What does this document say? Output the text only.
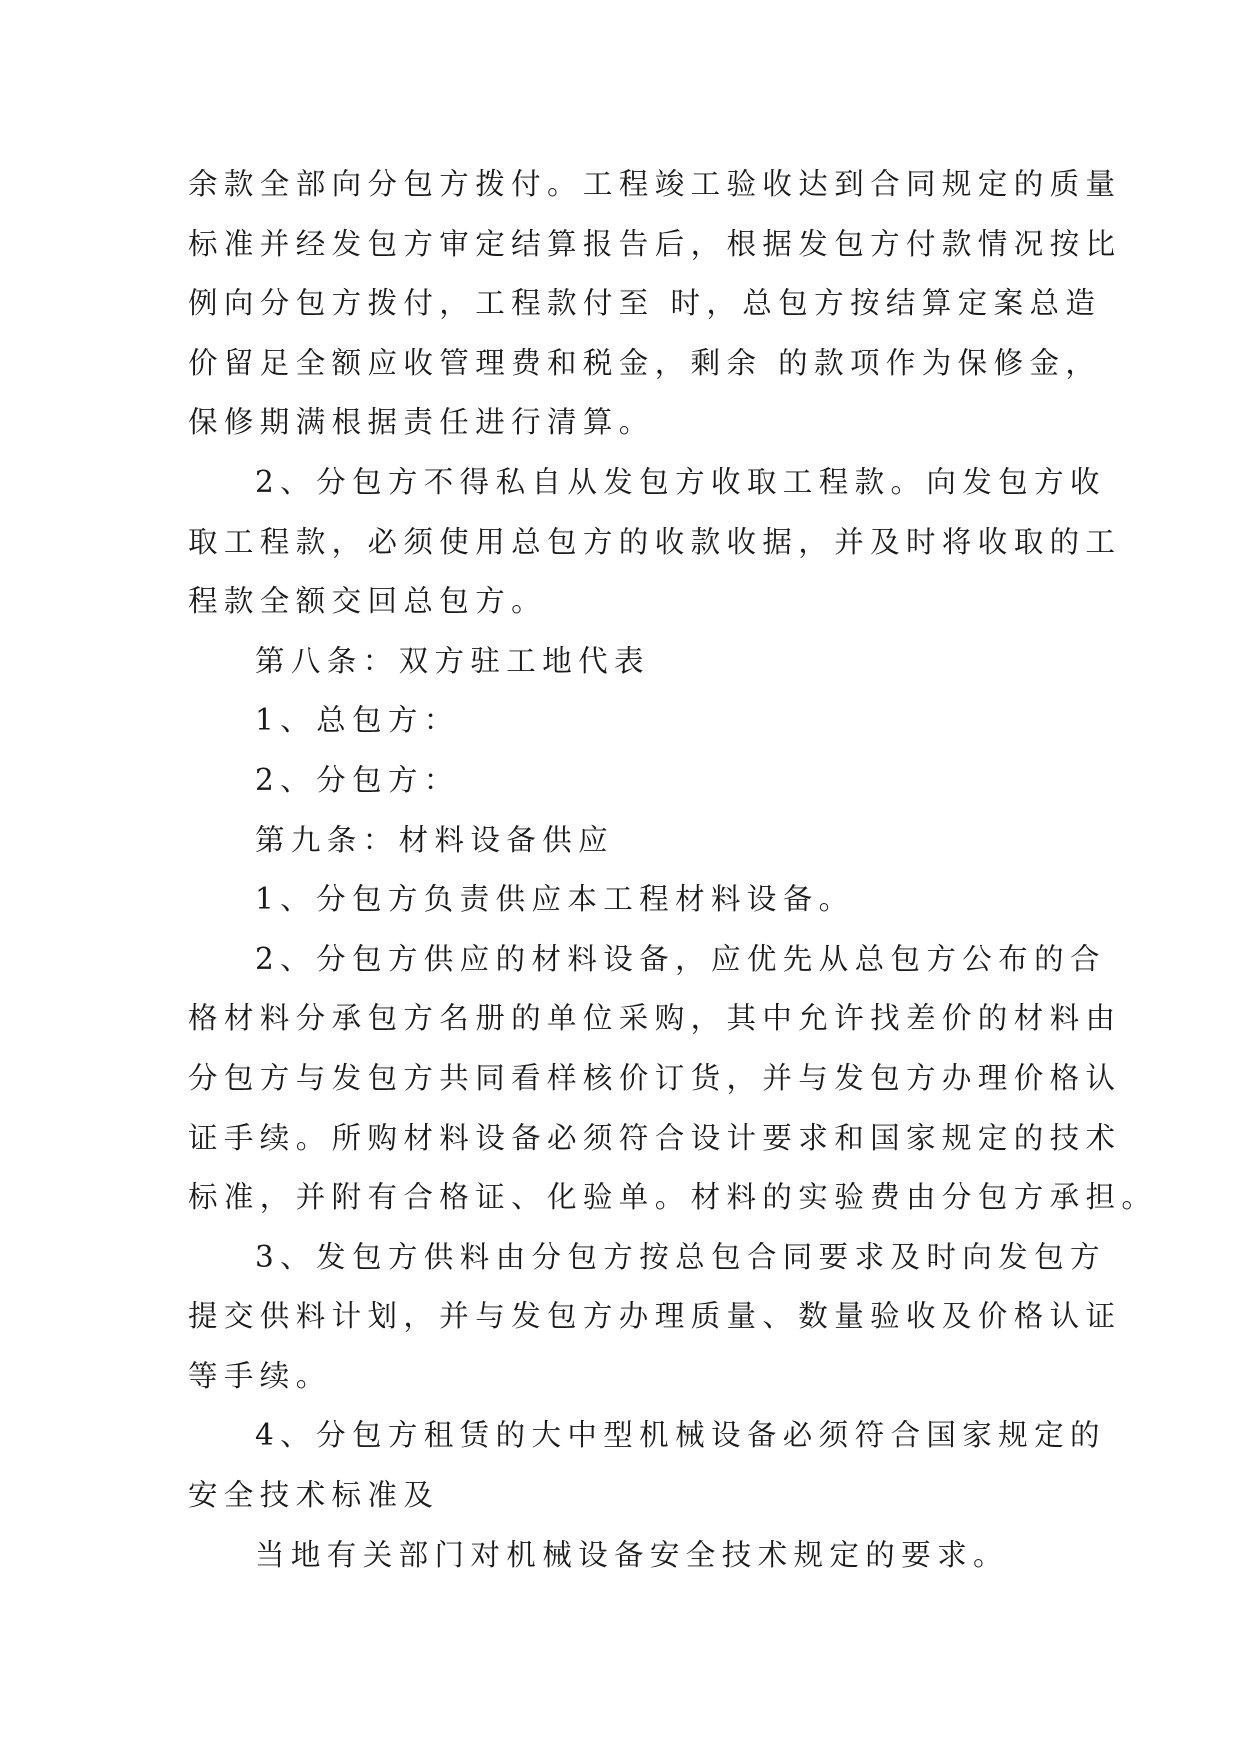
余款全部向分包方拨付。工程竣工验收达到合同规定的质量
标准并经发包方审定结算报告后，根据发包方付款情况按比
例向分包方拨付，工程款付至 时，总包方按结算定案总造
价留足全额应收管理费和税金，剩余 的款项作为保修金，
保修期满根据责任进行清算。
2、分包方不得私自从发包方收取工程款。向发包方收
取工程款，必须使用总包方的收款收据，并及时将收取的工
程款全额交回总包方。
第八条：双方驻工地代表
1、总包方：
2、分包方：
第九条：材料设备供应
1、分包方负责供应本工程材料设备。
2、分包方供应的材料设备，应优先从总包方公布的合
格材料分承包方名册的单位采购，其中允许找差价的材料由
分包方与发包方共同看样核价订货，并与发包方办理价格认
证手续。所购材料设备必须符合设计要求和国家规定的技术
标准，并附有合格证、化验单。材料的实验费由分包方承担。
3、发包方供料由分包方按总包合同要求及时向发包方
提交供料计划，并与发包方办理质量、数量验收及价格认证
等手续。
4、分包方租赁的大中型机械设备必须符合国家规定的
安全技术标准及
当地有关部门对机械设备安全技术规定的要求。
